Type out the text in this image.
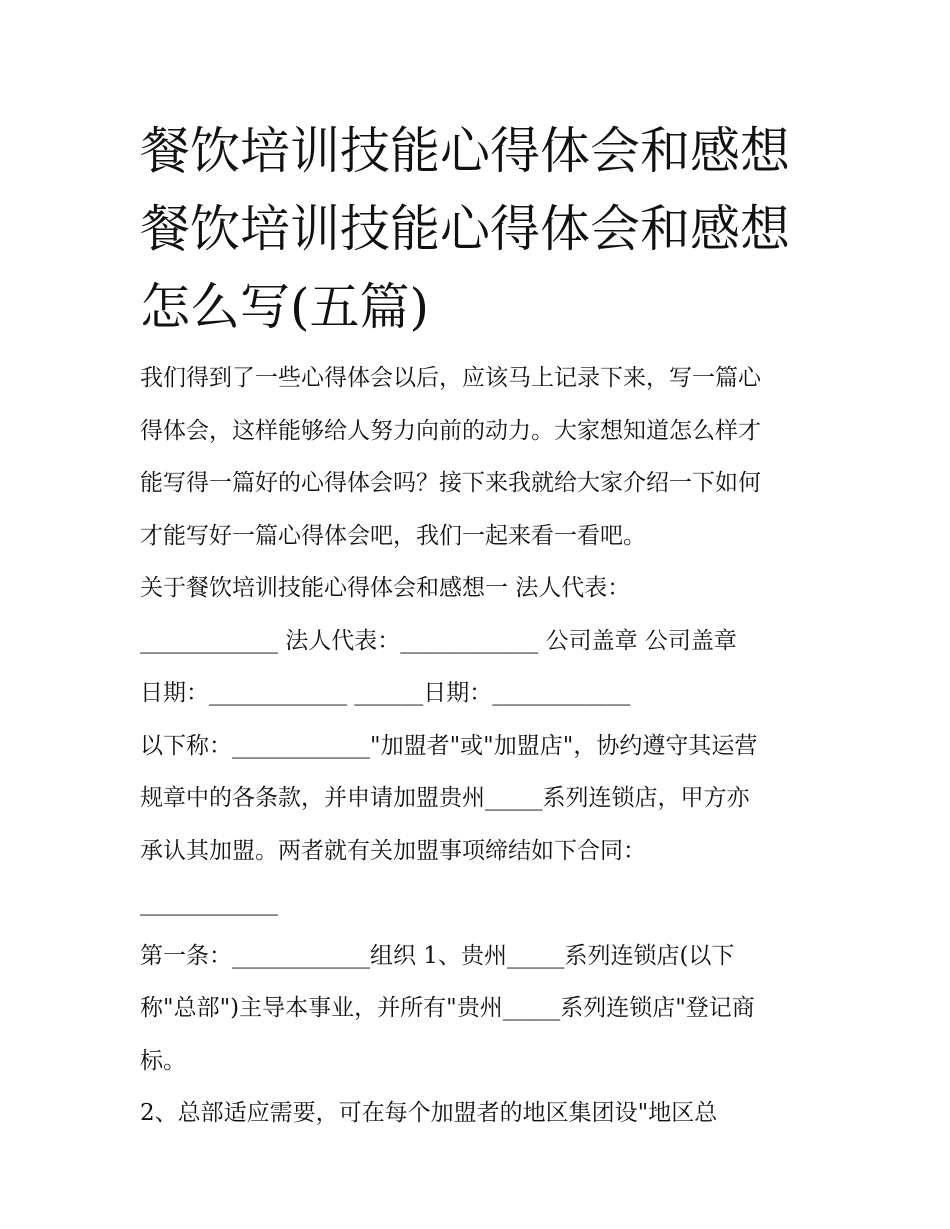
餐饮培训技能心得体会和感想
餐饮培训技能心得体会和感想
怎么写(五篇)

我们得到了一些心得体会以后，应该马上记录下来，写一篇心

得体会，这样能够给人努力向前的动力。大家想知道怎么样才

能写得一篇好的心得体会吗？接下来我就给大家介绍一下如何

才能写好一篇心得体会吧，我们一起来看一看吧。

关于餐饮培训技能心得体会和感想一 法人代表：

____________ 法人代表：____________ 公司盖章 公司盖章

日期：____________ ______日期：____________

以下称：____________"加盟者"或"加盟店"，协约遵守其运营

规章中的各条款，并申请加盟贵州_____系列连锁店，甲方亦

承认其加盟。两者就有关加盟事项缔结如下合同：

____________

第一条：____________组织 1、贵州_____系列连锁店(以下

称"总部")主导本事业，并所有"贵州_____系列连锁店"登记商

标。

2、总部适应需要，可在每个加盟者的地区集团设"地区总
